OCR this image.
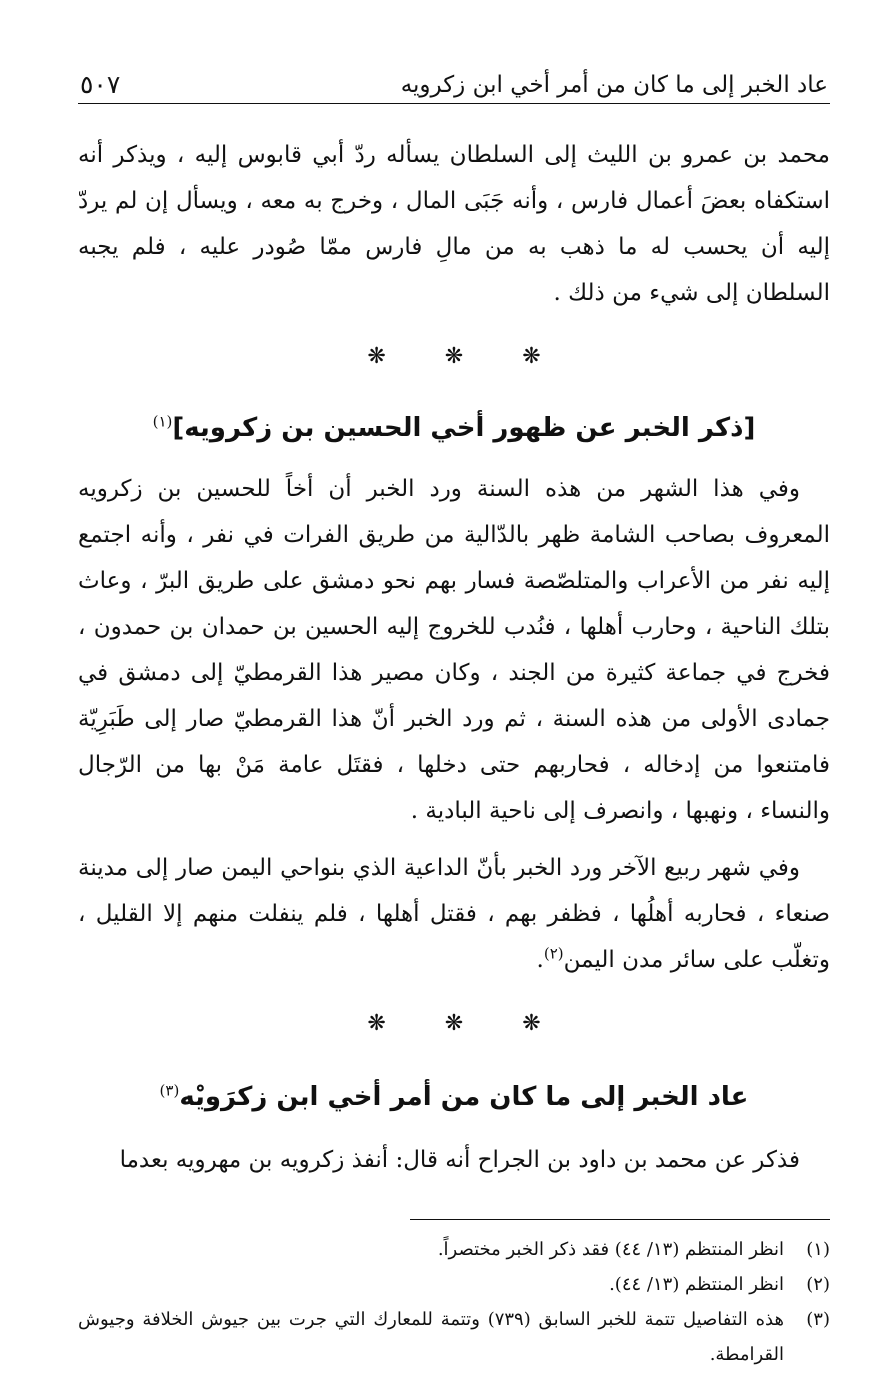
عاد الخبر إلى ما كان من أمر أخي ابن زكرويه
٥٠٧

محمد بن عمرو بن الليث إلى السلطان يسأله ردّ أبي قابوس إليه ، ويذكر أنه استكفاه بعضَ أعمال فارس ، وأنه جَبَى المال ، وخرج به معه ، ويسأل إن لم يردّ إليه أن يحسب له ما ذهب به من مالِ فارس ممّا صُودر عليه ، فلم يجبه السلطان إلى شيء من ذلك .

❋ ❋ ❋
[ذكر الخبر عن ظهور أخي الحسين بن زكرويه]$^{(١)}$

وفي هذا الشهر من هذه السنة ورد الخبر أن أخاً للحسين بن زكرويه المعروف بصاحب الشامة ظهر بالدّالية من طريق الفرات في نفر ، وأنه اجتمع إليه نفر من الأعراب والمتلصّصة فسار بهم نحو دمشق على طريق البرّ ، وعاث بتلك الناحية ، وحارب أهلها ، فنُدب للخروج إليه الحسين بن حمدان بن حمدون ، فخرج في جماعة كثيرة من الجند ، وكان مصير هذا القرمطيّ إلى دمشق في جمادى الأولى من هذه السنة ، ثم ورد الخبر أنّ هذا القرمطيّ صار إلى طَبَرِيّة فامتنعوا من إدخاله ، فحاربهم حتى دخلها ، فقتَل عامة مَنْ بها من الرّجال والنساء ، ونهبها ، وانصرف إلى ناحية البادية .

وفي شهر ربيع الآخر ورد الخبر بأنّ الداعية الذي بنواحي اليمن صار إلى مدينة صنعاء ، فحاربه أهلُها ، فظفر بهم ، فقتل أهلها ، فلم ينفلت منهم إلا القليل ، وتغلّب على سائر مدن اليمن$^{(٢)}$.

❋ ❋ ❋
عاد الخبر إلى ما كان من أمر أخي ابن زكرَويْه$^{(٣)}$

فذكر عن محمد بن داود بن الجراح أنه قال: أنفذ زكرويه بن مهرويه بعدما

(١)
انظر المنتظم (١٣/ ٤٤) فقد ذكر الخبر مختصراً.
(٢)
انظر المنتظم (١٣/ ٤٤).
(٣)
هذه التفاصيل تتمة للخبر السابق (٧٣٩) وتتمة للمعارك التي جرت بين جيوش الخلافة وجيوش القرامطة.
